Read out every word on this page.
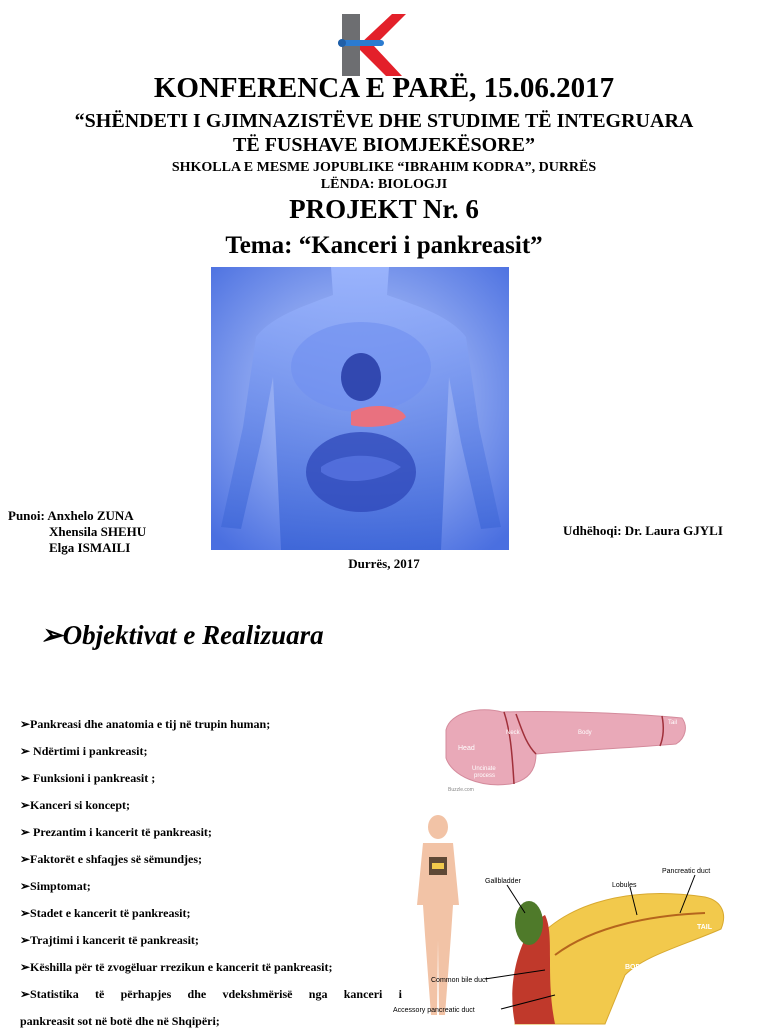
KONFERENCA E PARË, 15.06.2017
“SHËNDETI I GJIMNAZISTËVE DHE STUDIME TË INTEGRUARA
TË FUSHAVE BIOMJEKËSORE”
SHKOLLA E MESME JOPUBLIKE “IBRAHIM KODRA”, DURRËS
LËNDA: BIOLOGJI
PROJEKT Nr. 6
Tema: “Kanceri i pankreasit”
Punoi: Anxhelo ZUNA
Xhensila SHEHU
Elga ISMAILI
Udhëhoqi: Dr. Laura GJYLI
Durrës, 2017
➢Objektivat e Realizuara
➢Pankreasi dhe anatomia e tij në trupin human;
➢ Ndërtimi i pankreasit;
➢ Funksioni i pankreasit ;
➢Kanceri si koncept;
➢ Prezantim i kancerit të pankreasit;
➢Faktorët e shfaqjes së sëmundjes;
➢Simptomat;
➢Stadet e kancerit të pankreasit;
➢Trajtimi i kancerit të pankreasit;
➢Këshilla për të zvogëluar rrezikun e kancerit të pankreasit;
➢Statistika të përhapjes dhe vdekshmërisë nga kanceri i
pankreasit sot në botë dhe në Shqipëri;
Head
Neck	Body
Tail
Uncinate
process
Buzzle.com
Gallbladder
Lobules
Pancreatic duct
TAIL
BODY
Common bile duct
Accessory pancreatic duct
